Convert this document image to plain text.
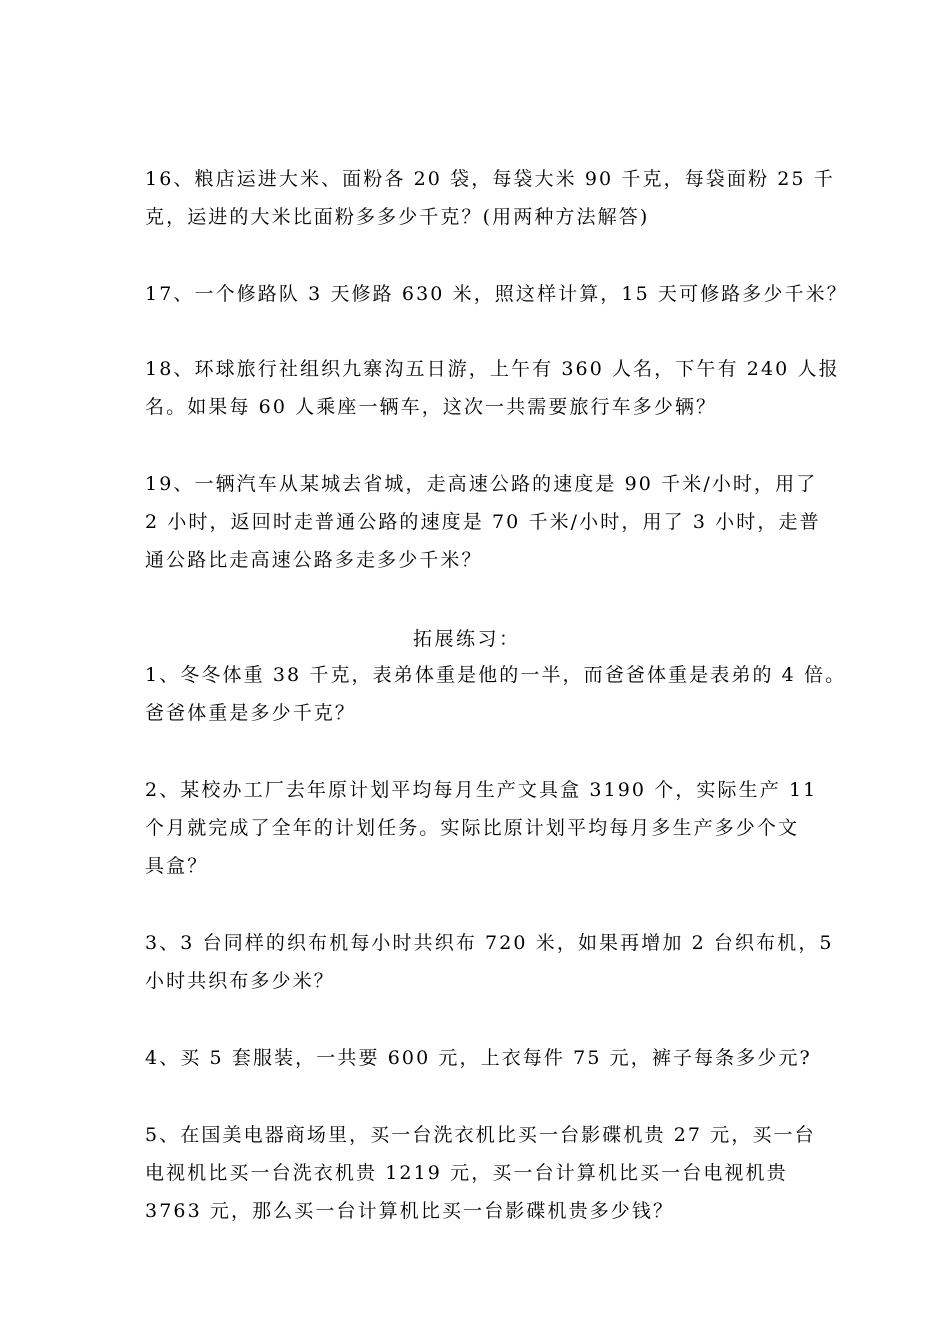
16、粮店运进大米、面粉各 20 袋，每袋大米 90 千克，每袋面粉 25 千
克，运进的大米比面粉多多少千克？(用两种方法解答)
17、一个修路队 3 天修路 630 米，照这样计算，15 天可修路多少千米？
18、环球旅行社组织九寨沟五日游，上午有 360 人名，下午有 240 人报
名。如果每 60 人乘座一辆车，这次一共需要旅行车多少辆？
19、一辆汽车从某城去省城，走高速公路的速度是 90 千米/小时，用了
2 小时，返回时走普通公路的速度是 70 千米/小时，用了 3 小时，走普
通公路比走高速公路多走多少千米？
拓展练习：
1、冬冬体重 38 千克，表弟体重是他的一半，而爸爸体重是表弟的 4 倍。
爸爸体重是多少千克？
2、某校办工厂去年原计划平均每月生产文具盒 3190 个，实际生产 11
个月就完成了全年的计划任务。实际比原计划平均每月多生产多少个文
具盒？
3、3 台同样的织布机每小时共织布 720 米，如果再增加 2 台织布机，5
小时共织布多少米？
4、买 5 套服装，一共要 600 元，上衣每件 75 元，裤子每条多少元?
5、在国美电器商场里，买一台洗衣机比买一台影碟机贵 27 元，买一台
电视机比买一台洗衣机贵 1219 元，买一台计算机比买一台电视机贵
3763 元，那么买一台计算机比买一台影碟机贵多少钱？
